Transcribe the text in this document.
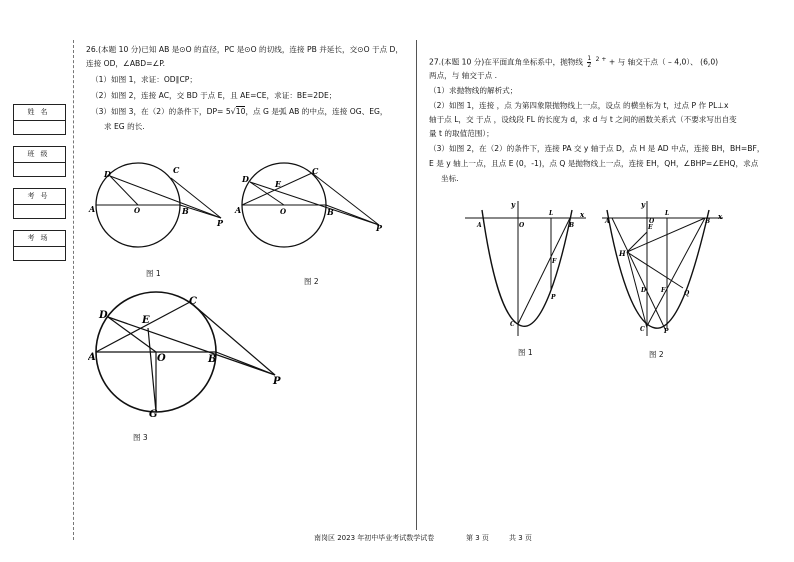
姓名
班级
考号
考场
26.(本题 10 分)已知 AB 是⊙O 的直径，PC 是⊙O 的切线，连接 PB 并延长，交⊙O 于点 D，
连接 OD，∠ABD=∠P.
（1）如图 1，求证：OD∥CP；
（2）如图 2，连接 AC，交 BD 于点 E，且 AE=CE，求证：BE=2DE；
（3）如图 3，在（2）的条件下，DP= 5√10，点 G 是弧 AB 的中点，连接 OG、EG，
求 EG 的长.
D	C
A	O	B
P
图 1
D
C
E
A	O	B
P
图 2
D
C
E
A	O	B
P
G
图 3
27.(本题 10 分)在平面直角坐标系中，抛物线 $\frac{1}{2} ^{2 +}$ + 与 轴交于点（ – 4,0）、 (6,0)
两点，与 轴交于点 .
（1）求抛物线的解析式；
（2）如图 1，连接 ，点 为第四象限抛物线上一点，设点 的横坐标为 t，过点 P 作 PL⊥x
轴于点 L，交 于点 ，设线段 FL 的长度为 d，求 d 与 t 之间的函数关系式（不要求写出自变
量 t 的取值范围）；
（3）如图 2，在（2）的条件下，连接 PA 交 y 轴于点 D，点 H 是 AD 中点，连接 BH，BH=BF，
E 是 y 轴上一点，且点 E (0，-1)，点 Q 是抛物线上一点，连接 EH，QH，∠BHP=∠EHQ，求点
坐标.
y
x
L
A	O	B
F
P
C
图 1
y
x
L
A	O
E
B
H
D F	Q
C	P
图 2
南岗区 2023 年初中毕业考试数学试卷	第 3 页	共 3 页
